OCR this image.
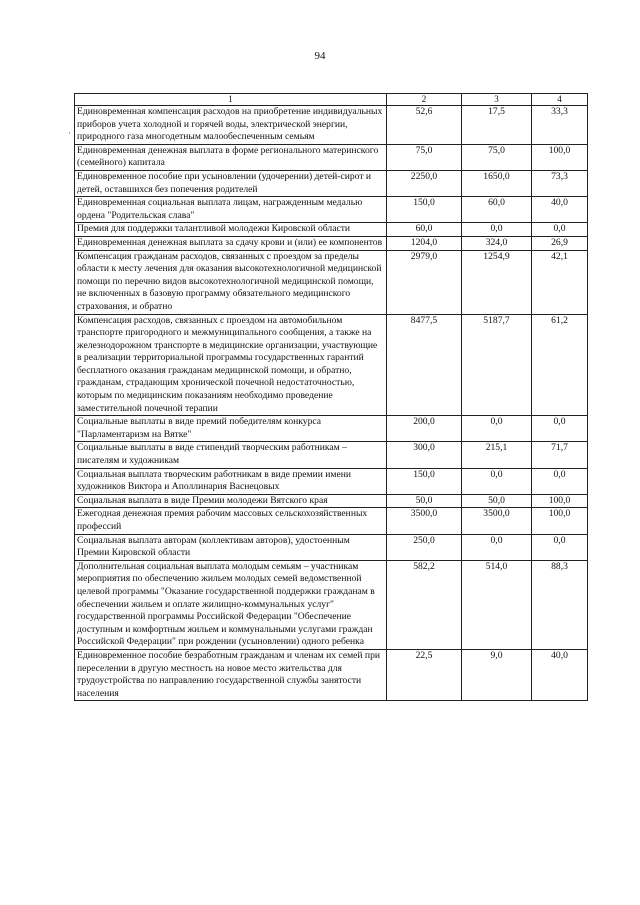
94
·
1	2	3	4
Единовременная компенсация расходов на приобретение индивидуальных приборов учета холодной и горячей воды, электрической энергии, природного газа многодетным малообеспеченным семьям	52,6	17,5	33,3
Единовременная денежная выплата в форме регионального материнского (семейного) капитала	75,0	75,0	100,0
Единовременное пособие при усыновлении (удочерении) детей-сирот и детей, оставшихся без попечения родителей	2250,0	1650,0	73,3
Единовременная социальная выплата лицам, награжденным медалью ордена "Родительская слава"	150,0	60,0	40,0
Премия для поддержки талантливой молодежи Кировской области	60,0	0,0	0,0
Единовременная денежная выплата за сдачу крови и (или) ее компонентов	1204,0	324,0	26,9
Компенсация гражданам расходов, связанных с проездом за пределы области к месту лечения для оказания высокотехнологичной медицинской помощи по перечню видов высокотехнологичной медицинской помощи, не включенных в базовую программу обязательного медицинского страхования, и обратно	2979,0	1254,9	42,1
Компенсация расходов, связанных с проездом на автомобильном транспорте пригородного и межмуниципального сообщения, а также на железнодорожном транспорте в медицинские организации, участвующие в реализации территориальной программы государственных гарантий бесплатного оказания гражданам медицинской помощи, и обратно, гражданам, страдающим хронической почечной недостаточностью, которым по медицинским показаниям необходимо проведение заместительной почечной терапии	8477,5	5187,7	61,2
Социальные выплаты в виде премий победителям конкурса "Парламентаризм на Вятке"	200,0	0,0	0,0
Социальные выплаты в виде стипендий творческим работникам – писателям и художникам	300,0	215,1	71,7
Социальная выплата творческим работникам в виде премии имени художников Виктора и Аполлинария Васнецовых	150,0	0,0	0,0
Социальная выплата в виде Премии молодежи Вятского края	50,0	50,0	100,0
Ежегодная денежная премия рабочим массовых сельскохозяйственных профессий	3500,0	3500,0	100,0
Социальная выплата авторам (коллективам авторов), удостоенным Премии Кировской области	250,0	0,0	0,0
Дополнительная социальная выплата молодым семьям – участникам мероприятия по обеспечению жильем молодых семей ведомственной целевой программы "Оказание государственной поддержки гражданам в обеспечении жильем и оплате жилищно-коммунальных услуг" государственной программы Российской Федерации "Обеспечение доступным и комфортным жильем и коммунальными услугами граждан Российской Федерации" при рождении (усыновлении) одного ребенка	582,2	514,0	88,3
Единовременное пособие безработным гражданам и членам их семей при переселении в другую местность на новое место жительства для трудоустройства по направлению государственной службы занятости населения	22,5	9,0	40,0
